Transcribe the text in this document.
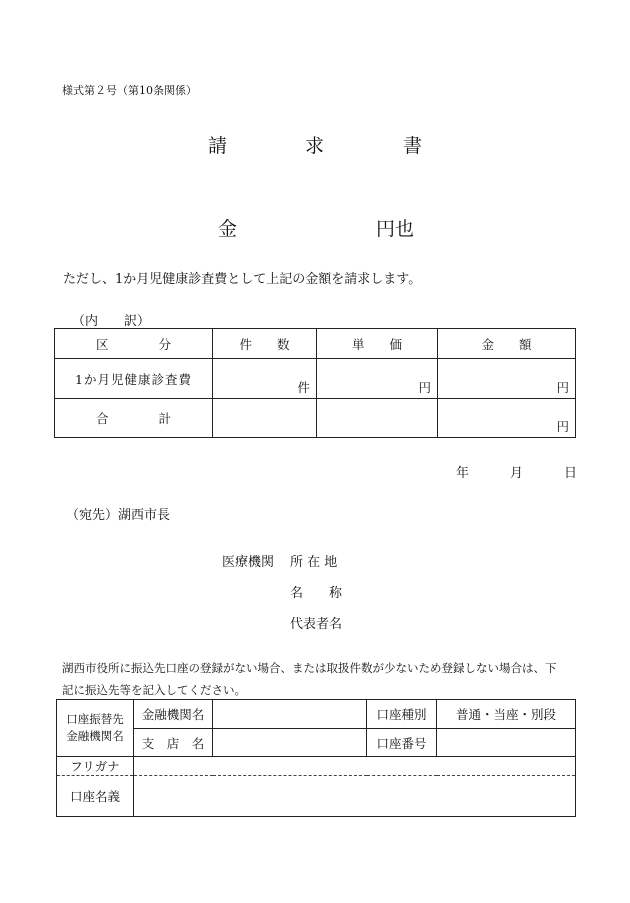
様式第２号（第10条関係）
請	求	書
金	円也
ただし、1か月児健康診査費として上記の金額を請求します。
（内　　訳）
区　　　　分	件　　数	単　　価	金　　額
1か月児健康診査費	件	円	円

合　　　　計			円
年	月	日
（宛先）湖西市長
医療機関 所 在 地
名　　称
代表者名
湖西市役所に振込先口座の登録がない場合、または取扱件数が少ないため登録しない場合は、下
記に振込先等を記入してください。
口座振替先
金融機関名	金融機関名		口座種別	普通・当座・別段
	支　店　名		口座番号	
フリガナ				
口座名義				
